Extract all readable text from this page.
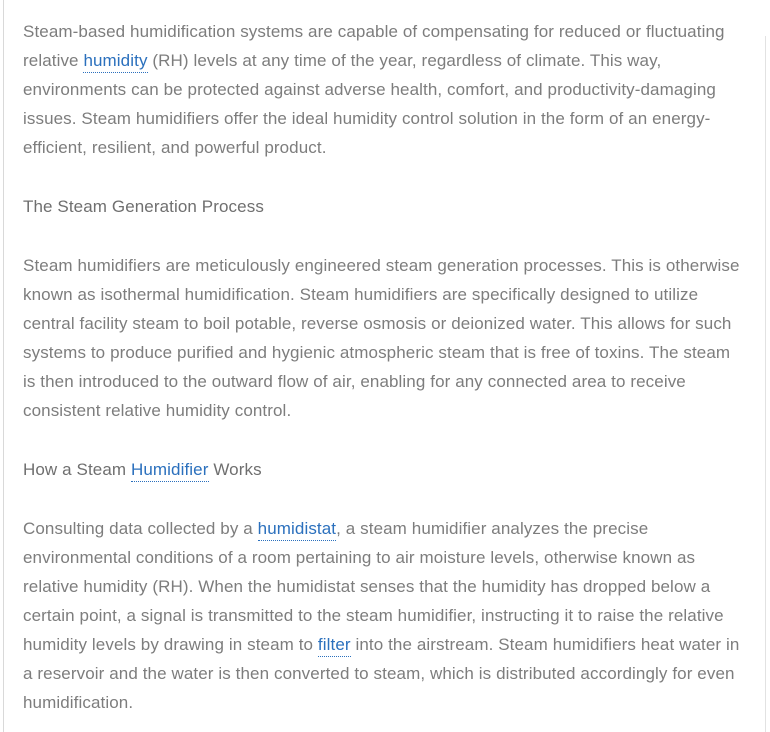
Steam-based humidification systems are capable of compensating for reduced or fluctuating relative humidity (RH) levels at any time of the year, regardless of climate. This way, environments can be protected against adverse health, comfort, and productivity-damaging issues. Steam humidifiers offer the ideal humidity control solution in the form of an energy-efficient, resilient, and powerful product.

The Steam Generation Process

Steam humidifiers are meticulously engineered steam generation processes. This is otherwise known as isothermal humidification. Steam humidifiers are specifically designed to utilize central facility steam to boil potable, reverse osmosis or deionized water. This allows for such systems to produce purified and hygienic atmospheric steam that is free of toxins. The steam is then introduced to the outward flow of air, enabling for any connected area to receive consistent relative humidity control.

How a Steam Humidifier Works

Consulting data collected by a humidistat, a steam humidifier analyzes the precise environmental conditions of a room pertaining to air moisture levels, otherwise known as relative humidity (RH). When the humidistat senses that the humidity has dropped below a certain point, a signal is transmitted to the steam humidifier, instructing it to raise the relative humidity levels by drawing in steam to filter into the airstream. Steam humidifiers heat water in a reservoir and the water is then converted to steam, which is distributed accordingly for even humidification.
